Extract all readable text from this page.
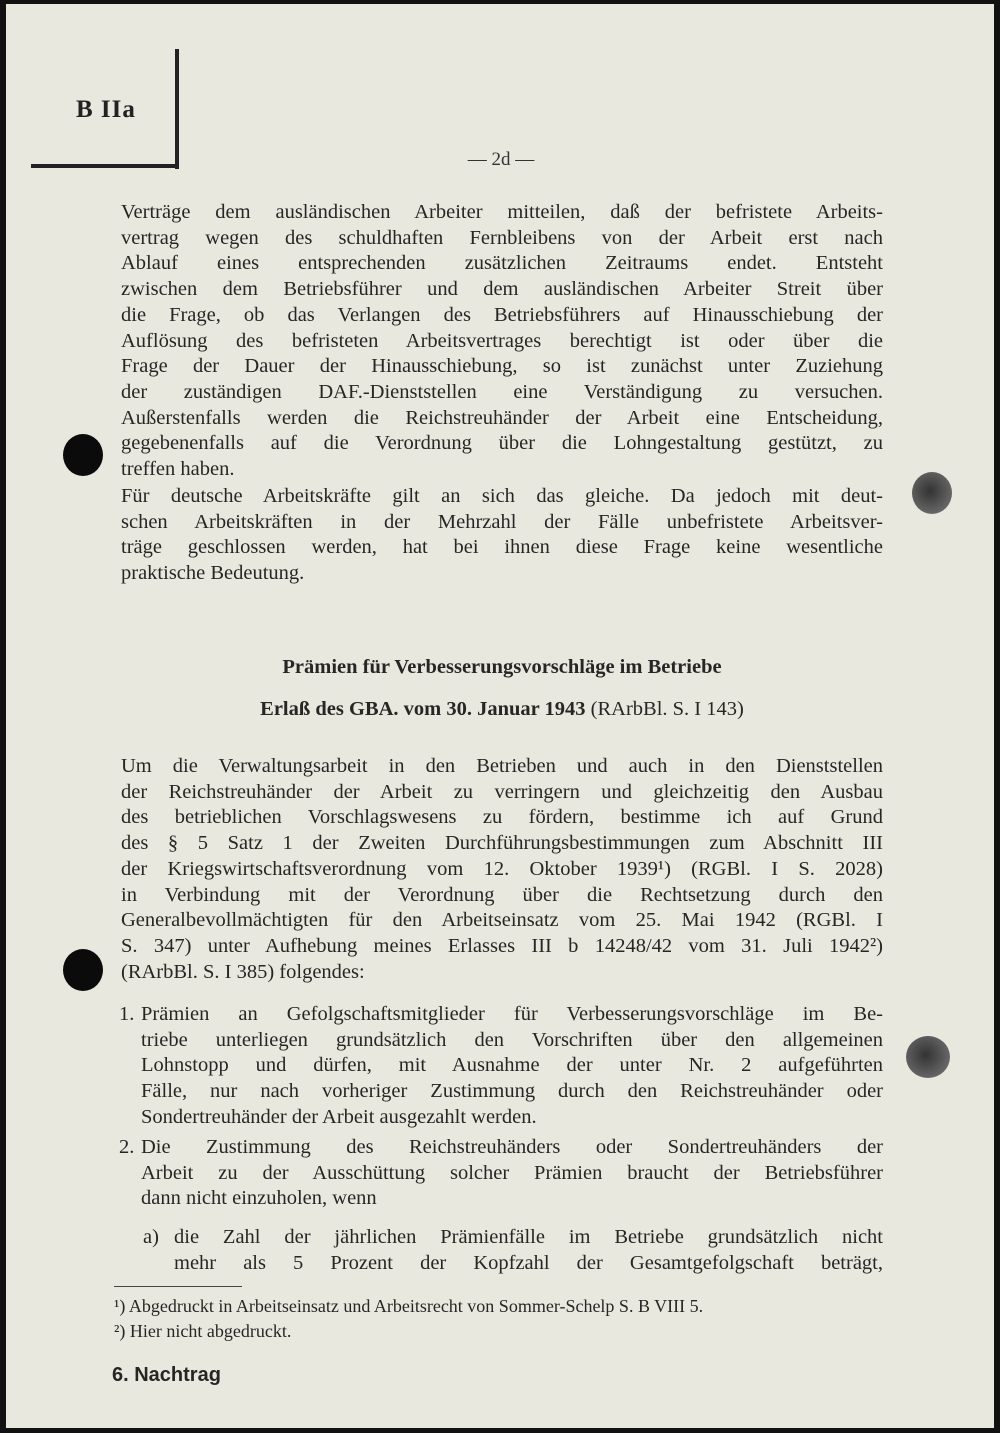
B IIa
— 2d —
Verträge dem ausländischen Arbeiter mitteilen, daß der befristete Arbeits-
vertrag wegen des schuldhaften Fernbleibens von der Arbeit erst nach
Ablauf eines entsprechenden zusätzlichen Zeitraums endet. Entsteht
zwischen dem Betriebsführer und dem ausländischen Arbeiter Streit über
die Frage, ob das Verlangen des Betriebsführers auf Hinausschiebung der
Auflösung des befristeten Arbeitsvertrages berechtigt ist oder über die
Frage der Dauer der Hinausschiebung, so ist zunächst unter Zuziehung
der zuständigen DAF.-Dienststellen eine Verständigung zu versuchen.
Außerstenfalls werden die Reichstreuhänder der Arbeit eine Entscheidung,
gegebenenfalls auf die Verordnung über die Lohngestaltung gestützt, zu
treffen haben.
Für deutsche Arbeitskräfte gilt an sich das gleiche. Da jedoch mit deut-
schen Arbeitskräften in der Mehrzahl der Fälle unbefristete Arbeitsver-
träge geschlossen werden, hat bei ihnen diese Frage keine wesentliche
praktische Bedeutung.
Um die Verwaltungsarbeit in den Betrieben und auch in den Dienststellen
der Reichstreuhänder der Arbeit zu verringern und gleichzeitig den Ausbau
des betrieblichen Vorschlagswesens zu fördern, bestimme ich auf Grund
des § 5 Satz 1 der Zweiten Durchführungsbestimmungen zum Abschnitt III
der Kriegswirtschaftsverordnung vom 12. Oktober 1939¹) (RGBl. I S. 2028)
in Verbindung mit der Verordnung über die Rechtsetzung durch den
Generalbevollmächtigten für den Arbeitseinsatz vom 25. Mai 1942 (RGBl. I
S. 347) unter Aufhebung meines Erlasses III b 14248/42 vom 31. Juli 1942²)
(RArbBl. S. I 385) folgendes:
1. Prämien an Gefolgschaftsmitglieder für Verbesserungsvorschläge im Be-
triebe unterliegen grundsätzlich den Vorschriften über den allgemeinen
Lohnstopp und dürfen, mit Ausnahme der unter Nr. 2 aufgeführten
Fälle, nur nach vorheriger Zustimmung durch den Reichstreuhänder oder
Sondertreuhänder der Arbeit ausgezahlt werden.
2. Die Zustimmung des Reichstreuhänders oder Sondertreuhänders der
Arbeit zu der Ausschüttung solcher Prämien braucht der Betriebsführer
dann nicht einzuholen, wenn
a) die Zahl der jährlichen Prämienfälle im Betriebe grundsätzlich nicht
mehr als 5 Prozent der Kopfzahl der Gesamtgefolgschaft beträgt,
Prämien für Verbesserungsvorschläge im Betriebe
Erlaß des GBA. vom 30. Januar 1943 (RArbBl. S. I 143)
¹) Abgedruckt in Arbeitseinsatz und Arbeitsrecht von Sommer-Schelp S. B VIII 5.
²) Hier nicht abgedruckt.
6. Nachtrag
